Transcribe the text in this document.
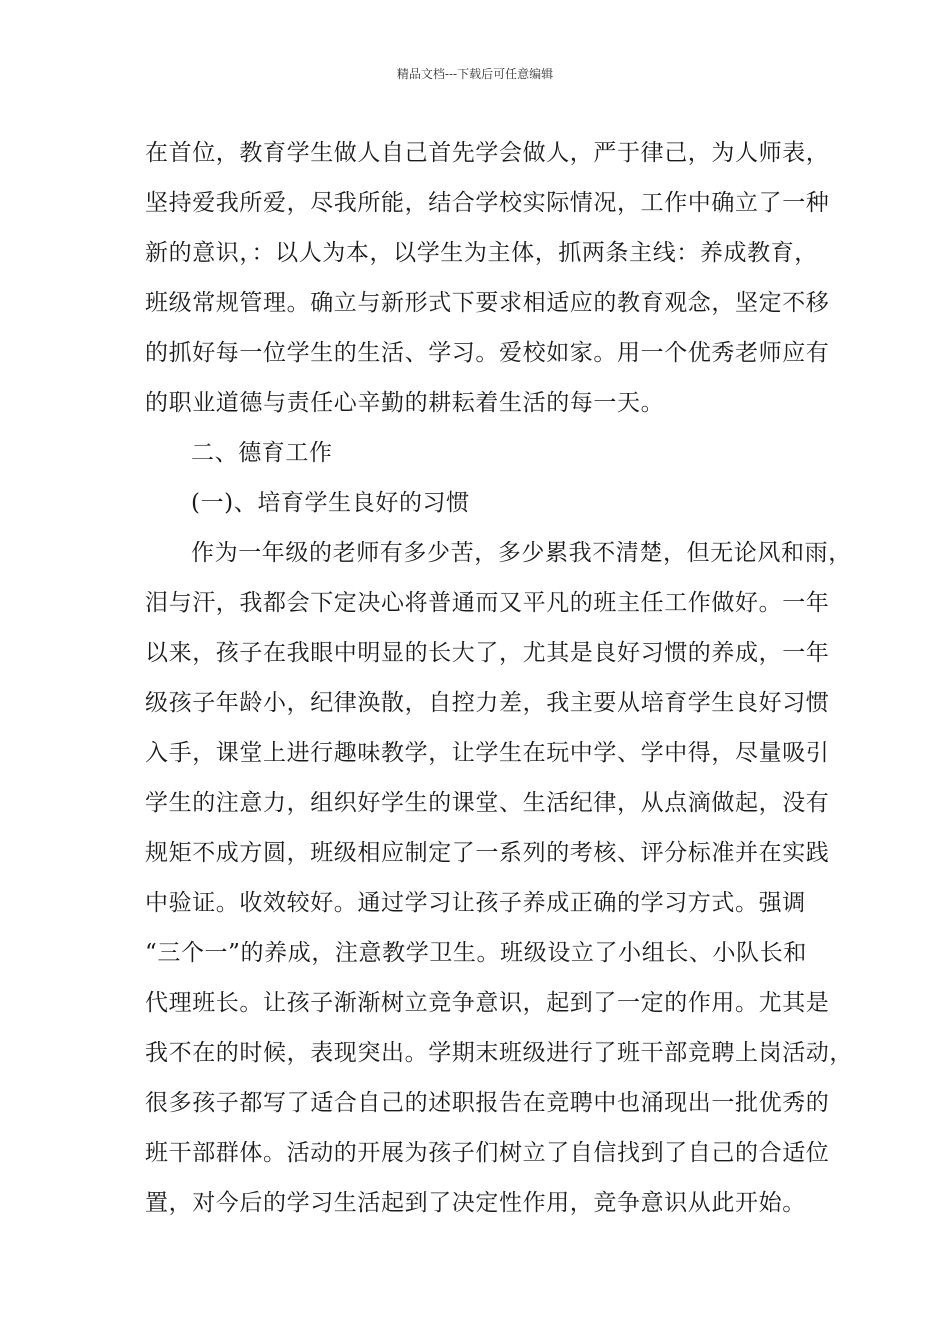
精品文档---下载后可任意编辑

在首位，教育学生做人自己首先学会做人，严于律己，为人师表，
坚持爱我所爱，尽我所能，结合学校实际情况，工作中确立了一种
新的意识，：以人为本，以学生为主体，抓两条主线：养成教育，
班级常规管理。确立与新形式下要求相适应的教育观念，坚定不移
的抓好每一位学生的生活、学习。爱校如家。用一个优秀老师应有
的职业道德与责任心辛勤的耕耘着生活的每一天。

二、德育工作

(一)、培育学生良好的习惯

作为一年级的老师有多少苦，多少累我不清楚，但无论风和雨，
泪与汗，我都会下定决心将普通而又平凡的班主任工作做好。一年
以来，孩子在我眼中明显的长大了，尤其是良好习惯的养成，一年
级孩子年龄小，纪律涣散，自控力差，我主要从培育学生良好习惯
入手，课堂上进行趣味教学，让学生在玩中学、学中得，尽量吸引
学生的注意力，组织好学生的课堂、生活纪律，从点滴做起，没有
规矩不成方圆，班级相应制定了一系列的考核、评分标准并在实践
中验证。收效较好。通过学习让孩子养成正确的学习方式。强调
“三个一”的养成，注意教学卫生。班级设立了小组长、小队长和
代理班长。让孩子渐渐树立竞争意识，起到了一定的作用。尤其是
我不在的时候，表现突出。学期末班级进行了班干部竞聘上岗活动，
很多孩子都写了适合自己的述职报告在竞聘中也涌现出一批优秀的
班干部群体。活动的开展为孩子们树立了自信找到了自己的合适位
置，对今后的学习生活起到了决定性作用，竞争意识从此开始。
